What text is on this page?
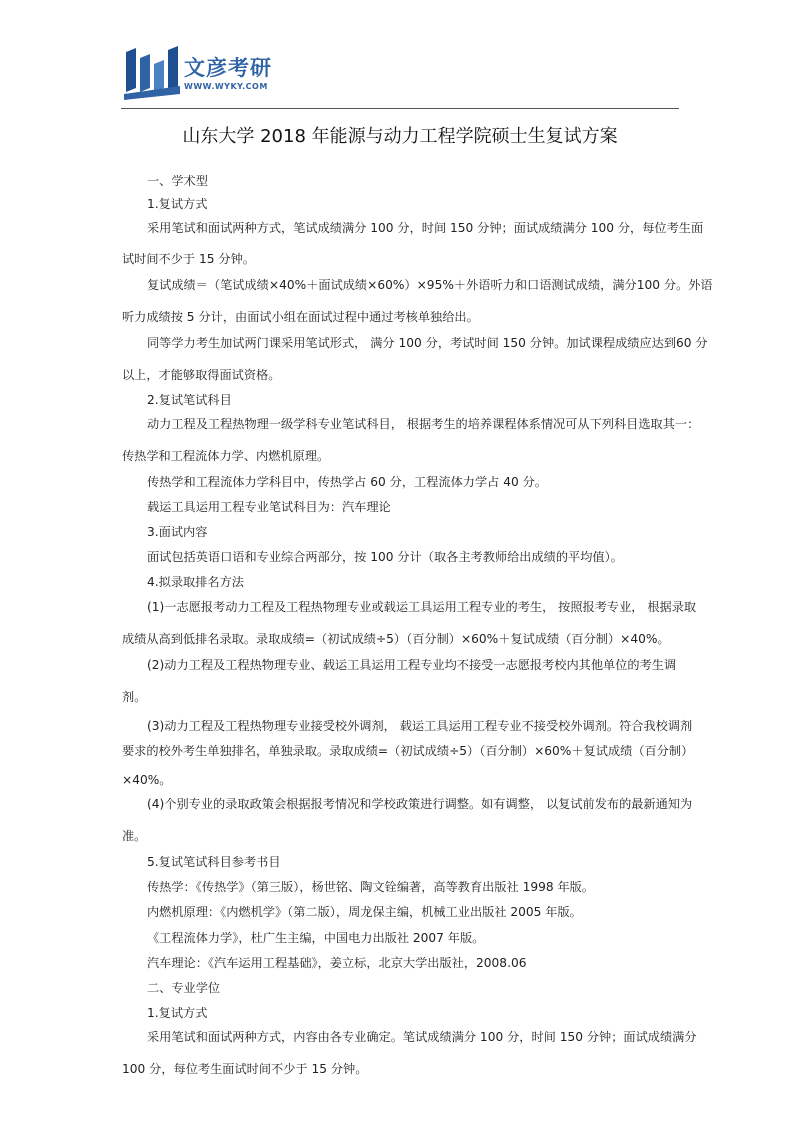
文彦考研
WWW.WYKY.COM
山东大学 2018 年能源与动力工程学院硕士生复试方案
一、学术型
1.复试方式
采用笔试和面试两种方式，笔试成绩满分 100 分，时间 150 分钟；面试成绩满分 100 分，每位考生面
试时间不少于 15 分钟。
复试成绩＝（笔试成绩×40%＋面试成绩×60%）×95%＋外语听力和口语测试成绩，满分100 分。外语
听力成绩按 5 分计，由面试小组在面试过程中通过考核单独给出。
同等学力考生加试两门课采用笔试形式， 满分 100 分，考试时间 150 分钟。加试课程成绩应达到60 分
以上，才能够取得面试资格。
2.复试笔试科目
动力工程及工程热物理一级学科专业笔试科目， 根据考生的培养课程体系情况可从下列科目选取其一：
传热学和工程流体力学、内燃机原理。
传热学和工程流体力学科目中，传热学占 60 分，工程流体力学占 40 分。
载运工具运用工程专业笔试科目为：汽车理论
3.面试内容
面试包括英语口语和专业综合两部分，按 100 分计（取各主考教师给出成绩的平均值）。
4.拟录取排名方法
(1)一志愿报考动力工程及工程热物理专业或载运工具运用工程专业的考生， 按照报考专业， 根据录取
成绩从高到低排名录取。录取成绩=（初试成绩÷5）（百分制）×60%＋复试成绩（百分制）×40%。
(2)动力工程及工程热物理专业、载运工具运用工程专业均不接受一志愿报考校内其他单位的考生调
剂。
(3)动力工程及工程热物理专业接受校外调剂， 载运工具运用工程专业不接受校外调剂。符合我校调剂
要求的校外考生单独排名，单独录取。录取成绩=（初试成绩÷5）（百分制）×60%＋复试成绩（百分制）
×40%。
(4)个别专业的录取政策会根据报考情况和学校政策进行调整。如有调整， 以复试前发布的最新通知为
准。
5.复试笔试科目参考书目
传热学：《传热学》（第三版），杨世铭、陶文铨编著，高等教育出版社 1998 年版。
内燃机原理：《内燃机学》（第二版），周龙保主编，机械工业出版社 2005 年版。
《工程流体力学》，杜广生主编，中国电力出版社 2007 年版。
汽车理论：《汽车运用工程基础》，姜立标，北京大学出版社，2008.06
二、专业学位
1.复试方式
采用笔试和面试两种方式，内容由各专业确定。笔试成绩满分 100 分，时间 150 分钟；面试成绩满分
100 分，每位考生面试时间不少于 15 分钟。
